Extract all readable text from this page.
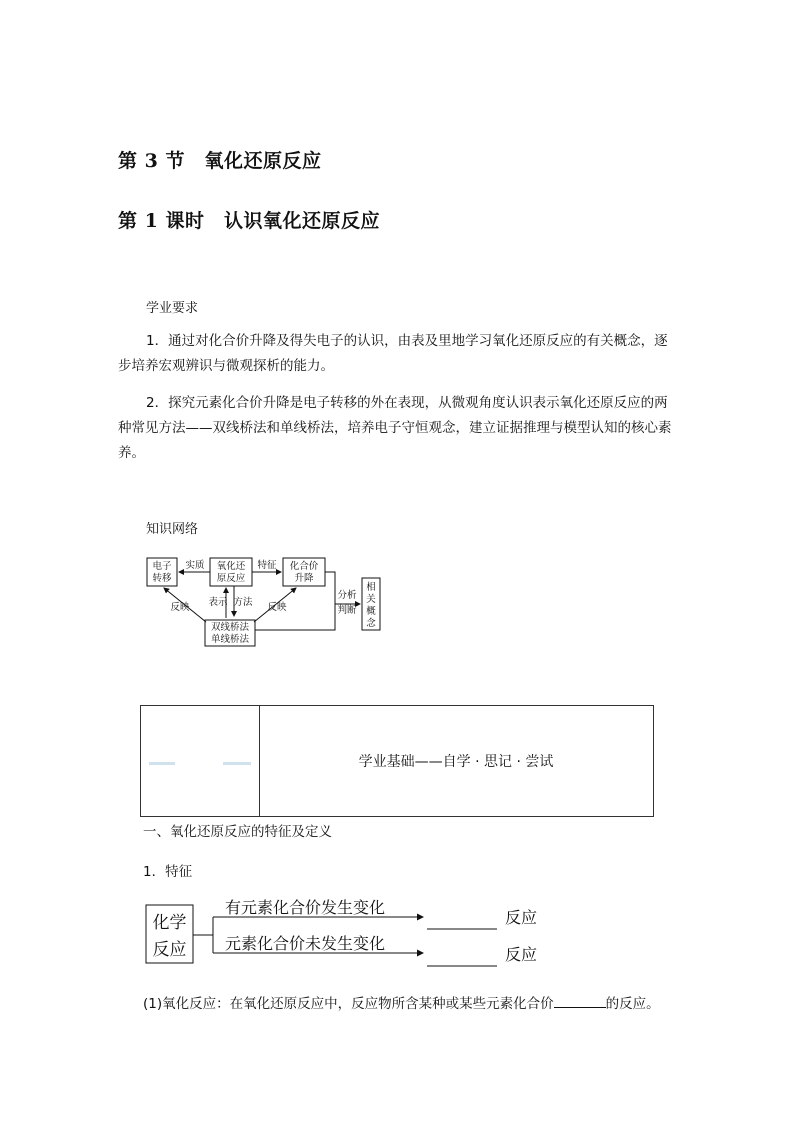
第 3 节　氧化还原反应
第 1 课时　认识氧化还原反应
学业要求
1．通过对化合价升降及得失电子的认识，由表及里地学习氧化还原反应的有关概念，逐步培养宏观辨识与微观探析的能力。
2．探究元素化合价升降是电子转移的外在表现，从微观角度认识表示氧化还原反应的两种常见方法——双线桥法和单线桥法，培养电子守恒观念，建立证据推理与模型认知的核心素养。
知识网络
电子
转移
氧化还
原反应
化合价
升降
双线桥法
单线桥法
相
关
概
念
实质	特征
反映	反映
表示 方法
分析
判断
学业基础——自学 · 思记 · 尝试
一、氧化还原反应的特征及定义
1．特征
化学
反应
有元素化合价发生变化
元素化合价未发生变化
反应
反应
(1)氧化反应：在氧化还原反应中，反应物所含某种或某些元素化合价	的反应。
